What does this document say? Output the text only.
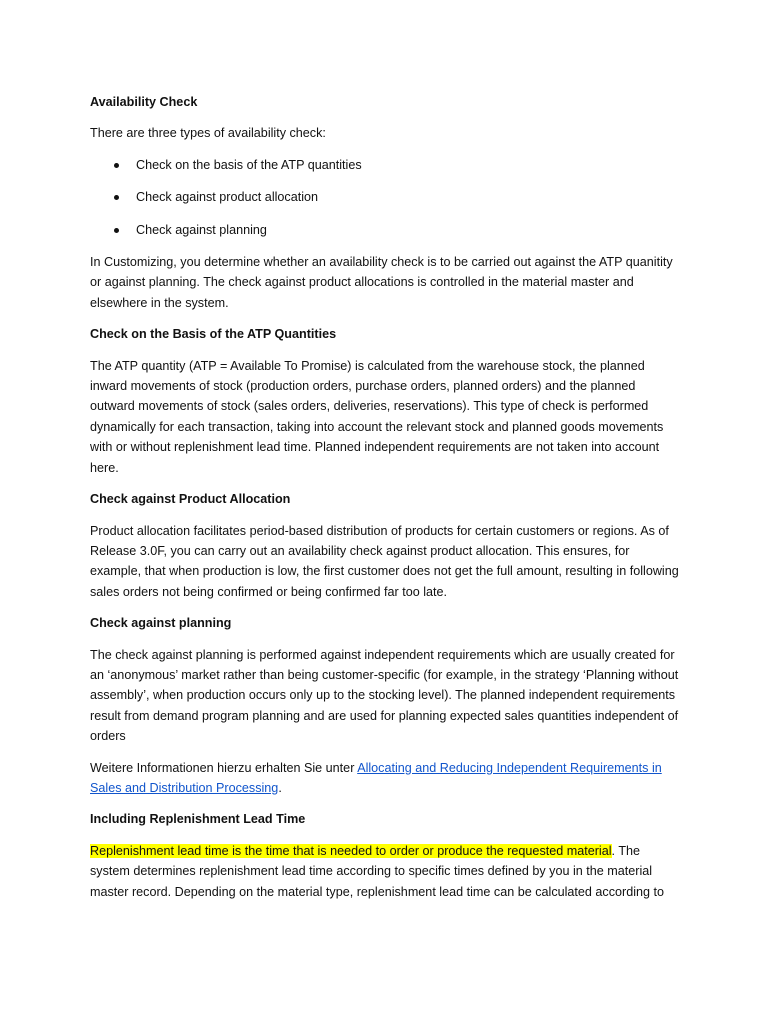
Availability Check

There are three types of availability check:

Check on the basis of the ATP quantities
Check against product allocation
Check against planning

In Customizing, you determine whether an availability check is to be carried out against the ATP quanitity or against planning. The check against product allocations is controlled in the material master and elsewhere in the system.

Check on the Basis of the ATP Quantities

The ATP quantity (ATP = Available To Promise) is calculated from the warehouse stock, the planned inward movements of stock (production orders, purchase orders, planned orders) and the planned outward movements of stock (sales orders, deliveries, reservations). This type of check is performed dynamically for each transaction, taking into account the relevant stock and planned goods movements with or without replenishment lead time. Planned independent requirements are not taken into account here.

Check against Product Allocation

Product allocation facilitates period-based distribution of products for certain customers or regions. As of Release 3.0F, you can carry out an availability check against product allocation. This ensures, for example, that when production is low, the first customer does not get the full amount, resulting in following sales orders not being confirmed or being confirmed far too late.

Check against planning

The check against planning is performed against independent requirements which are usually created for an ‘anonymous’ market rather than being customer-specific (for example, in the strategy ‘Planning without assembly’, when production occurs only up to the stocking level). The planned independent requirements result from demand program planning and are used for planning expected sales quantities independent of orders

Weitere Informationen hierzu erhalten Sie unter Allocating and Reducing Independent Requirements in Sales and Distribution Processing.

Including Replenishment Lead Time

Replenishment lead time is the time that is needed to order or produce the requested material. The system determines replenishment lead time according to specific times defined by you in the material master record. Depending on the material type, replenishment lead time can be calculated according to
